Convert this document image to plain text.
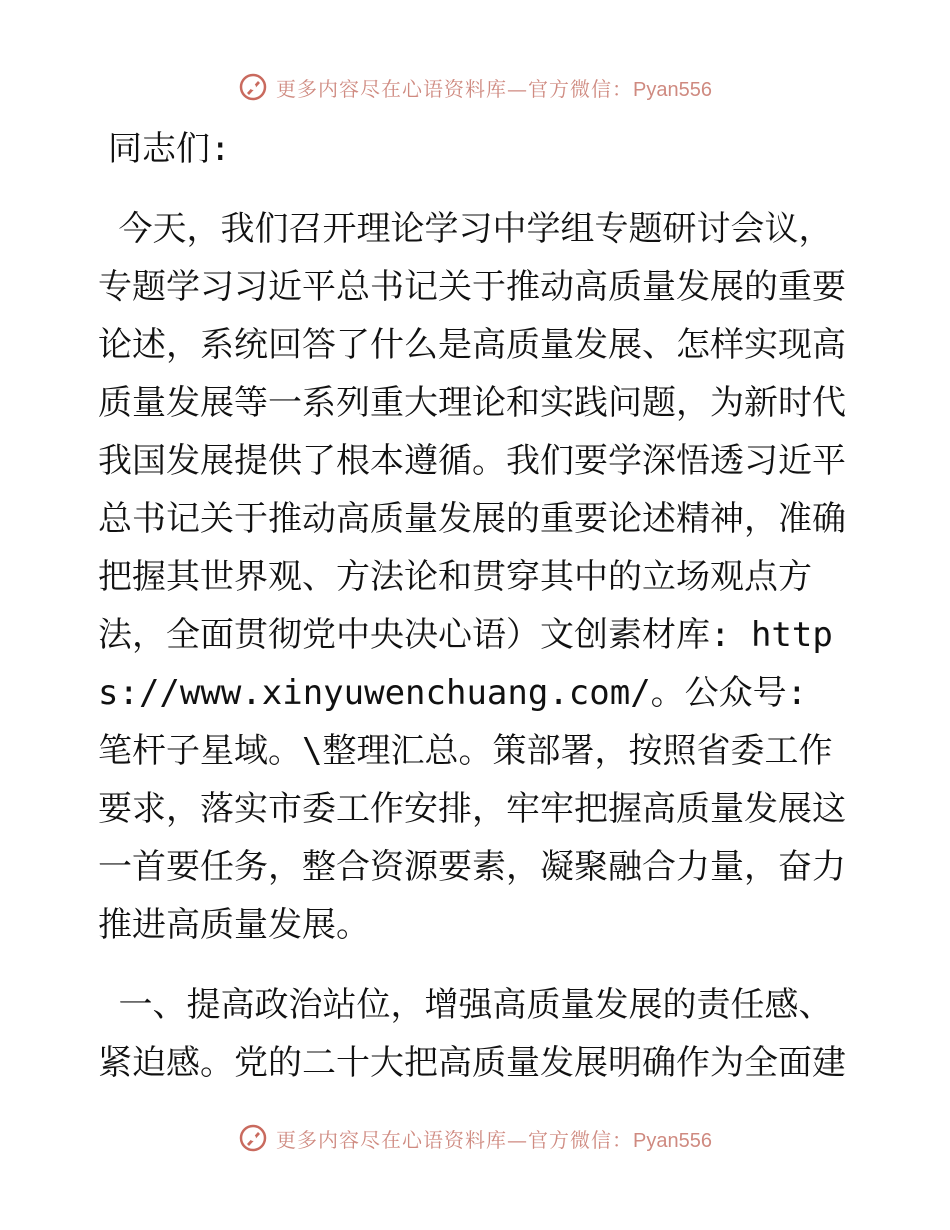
更多内容尽在心语资料库—官方微信：Pyan556

同志们:

今天，我们召开理论学习中学组专题研讨会议，专题学习习近平总书记关于推动高质量发展的重要论述，系统回答了什么是高质量发展、怎样实现高质量发展等一系列重大理论和实践问题，为新时代我国发展提供了根本遵循。我们要学深悟透习近平总书记关于推动高质量发展的重要论述精神，准确把握其世界观、方法论和贯穿其中的立场观点方法，全面贯彻党中央决心语）文创素材库: https://www.xinyuwenchuang.com/。公众号: 笔杆子星域。\整理汇总。策部署，按照省委工作要求，落实市委工作安排，牢牢把握高质量发展这一首要任务，整合资源要素，凝聚融合力量，奋力推进高质量发展。

一、提高政治站位，增强高质量发展的责任感、紧迫感。党的二十大把高质量发展明确作为全面建

更多内容尽在心语资料库—官方微信：Pyan556
